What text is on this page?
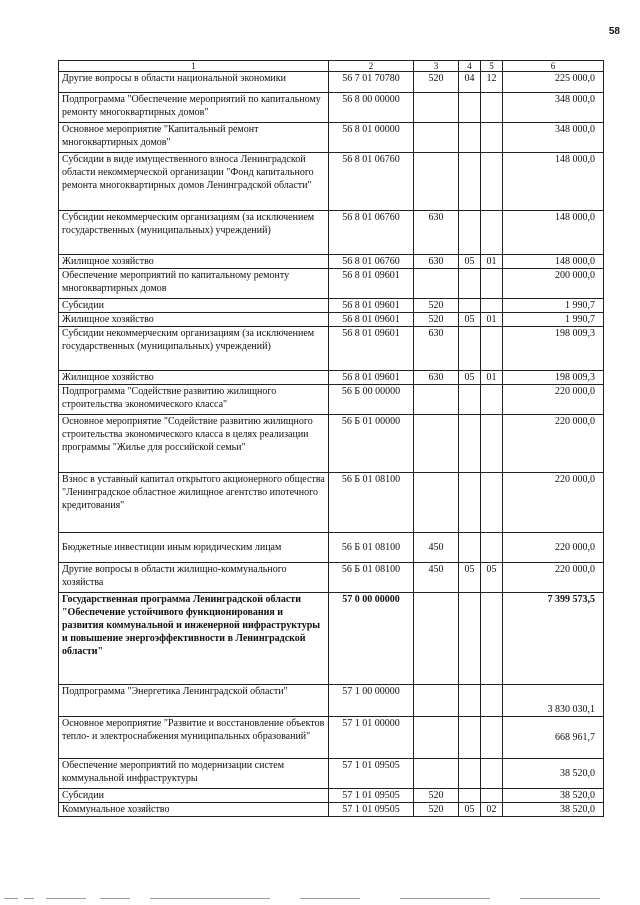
58
1	2	3	4	5	6
Другие вопросы в области национальной экономики	56 7 01 70780	520	04	12	225 000,0
Подпрограмма "Обеспечение мероприятий по капитальному ремонту многоквартирных домов"	56 8 00 00000				348 000,0
Основное мероприятие "Капитальный ремонт многоквартирных домов"	56 8 01 00000				348 000,0
Субсидии в виде имущественного взноса Ленинградской области некоммерческой организации "Фонд капитального ремонта многоквартирных домов Ленинградской области"	56 8 01 06760				148 000,0
Субсидии некоммерческим организациям (за исключением государственных (муниципальных) учреждений)	56 8 01 06760	630			148 000,0
Жилищное хозяйство	56 8 01 06760	630	05	01	148 000,0
Обеспечение мероприятий по капитальному ремонту многоквартирных домов	56 8 01 09601				200 000,0
Субсидии	56 8 01 09601	520			1 990,7
Жилищное хозяйство	56 8 01 09601	520	05	01	1 990,7
Субсидии некоммерческим организациям (за исключением государственных (муниципальных) учреждений)	56 8 01 09601	630			198 009,3
Жилищное хозяйство	56 8 01 09601	630	05	01	198 009,3
Подпрограмма "Содействие развитию жилищного строительства экономического класса"	56 Б 00 00000				220 000,0
Основное мероприятие "Содействие развитию жилищного строительства экономического класса в целях реализации программы "Жилье для российской семьи"	56 Б 01 00000				220 000,0
Взнос в уставный капитал открытого акционерного общества "Ленинградское областное жилищное агентство ипотечного кредитования"	56 Б 01 08100				220 000,0
Бюджетные инвестиции иным юридическим лицам	56 Б 01 08100	450			220 000,0
Другие вопросы в области жилищно-коммунального хозяйства	56 Б 01 08100	450	05	05	220 000,0
Государственная программа Ленинградской области "Обеспечение устойчивого функционирования и развития коммунальной и инженерной инфраструктуры и повышение энергоэффективности в Ленинградской области"	57 0 00 00000				7 399 573,5
Подпрограмма "Энергетика Ленинградской области"	57 1 00 00000				3 830 030,1
Основное мероприятие "Развитие и восстановление объектов тепло- и электроснабжения муниципальных образований"	57 1 01 00000				668 961,7
Обеспечение мероприятий по модернизации систем коммунальной инфраструктуры	57 1 01 09505				38 520,0
Субсидии	57 1 01 09505	520			38 520,0
Коммунальное хозяйство	57 1 01 09505	520	05	02	38 520,0
